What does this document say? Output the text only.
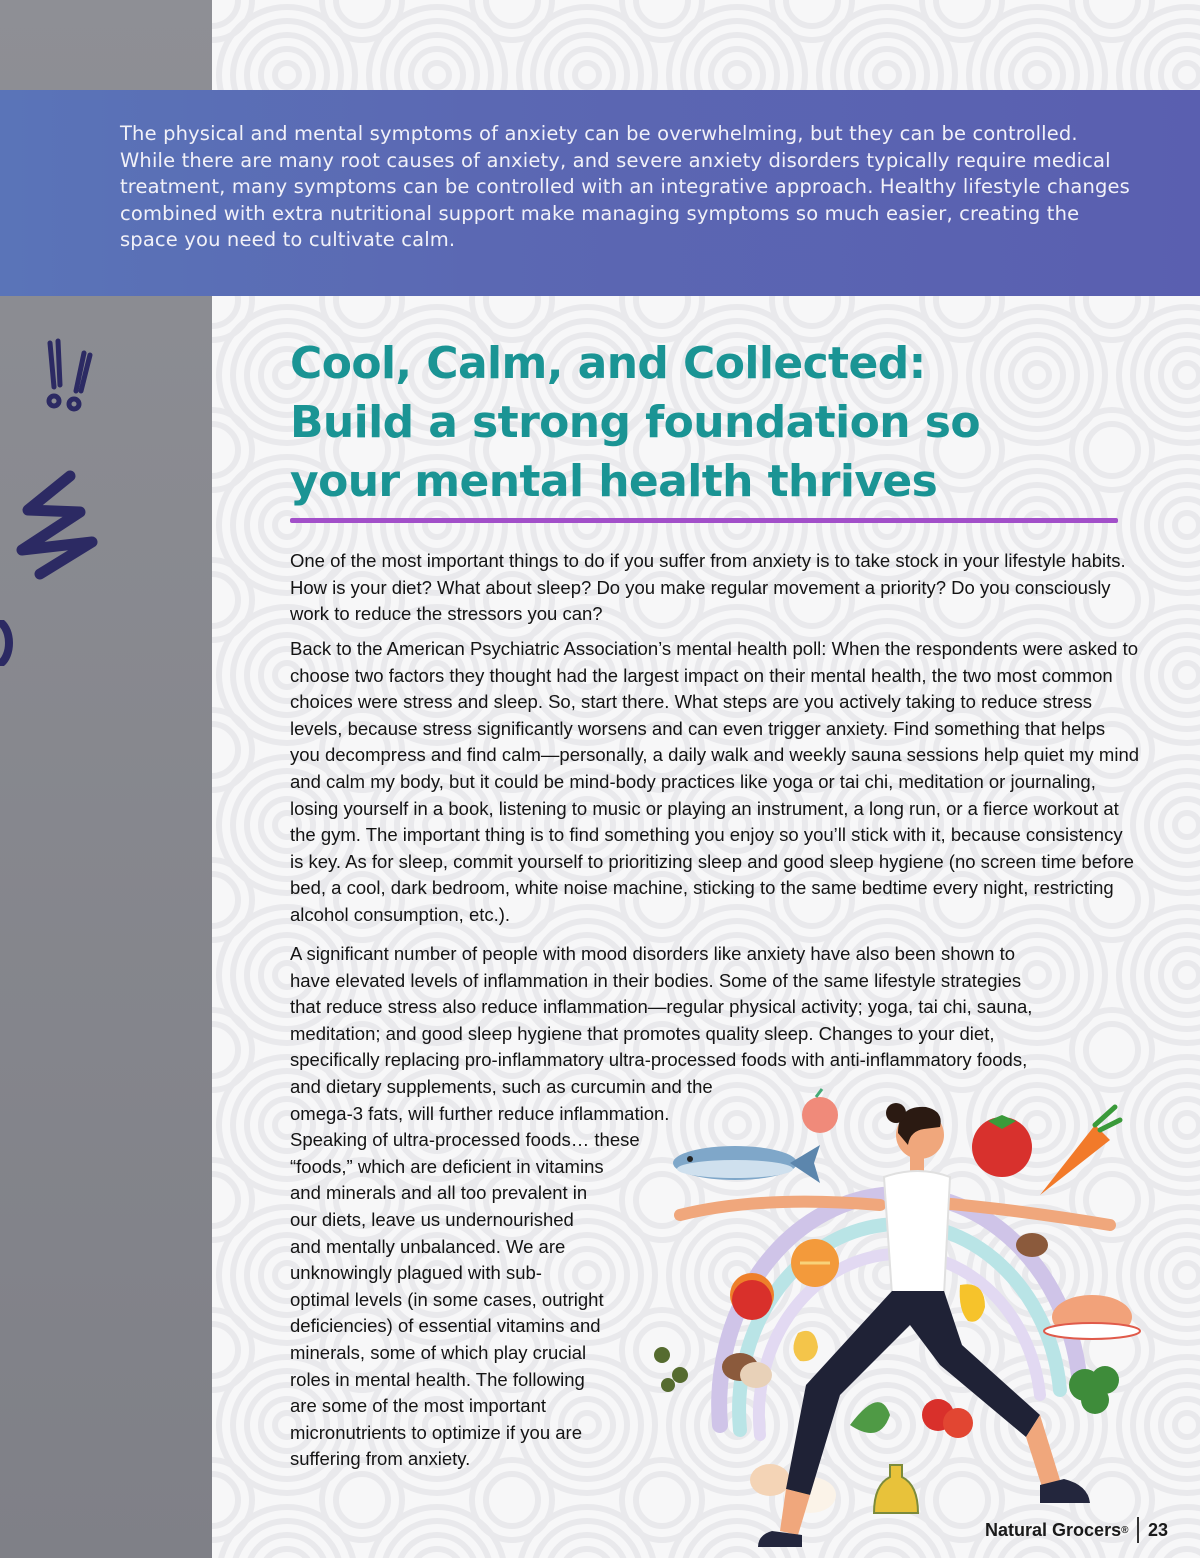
The physical and mental symptoms of anxiety can be overwhelming, but they can be controlled. While there are many root causes of anxiety, and severe anxiety disorders typically require medical treatment, many symptoms can be controlled with an integrative approach. Healthy lifestyle changes combined with extra nutritional support make managing symptoms so much easier, creating the space you need to cultivate calm.

Cool, Calm, and Collected:
Build a strong foundation so
your mental health thrives

One of the most important things to do if you suffer from anxiety is to take stock in your lifestyle habits. How is your diet? What about sleep? Do you make regular movement a priority? Do you consciously work to reduce the stressors you can?

Back to the American Psychiatric Association’s mental health poll: When the respondents were asked to choose two factors they thought had the largest impact on their mental health, the two most common choices were stress and sleep. So, start there. What steps are you actively taking to reduce stress levels, because stress significantly worsens and can even trigger anxiety. Find something that helps you decompress and find calm—personally, a daily walk and weekly sauna sessions help quiet my mind and calm my body, but it could be mind-body practices like yoga or tai chi, meditation or journaling, losing yourself in a book, listening to music or playing an instrument, a long run, or a fierce workout at the gym. The important thing is to find something you enjoy so you’ll stick with it, because consistency is key. As for sleep, commit yourself to prioritizing sleep and good sleep hygiene (no screen time before bed, a cool, dark bedroom, white noise machine, sticking to the same bedtime every night, restricting alcohol consumption, etc.).

A significant number of people with mood disorders like anxiety have also been shown to
have elevated levels of inflammation in their bodies. Some of the same lifestyle strategies
that reduce stress also reduce inflammation—regular physical activity; yoga, tai chi, sauna,
meditation; and good sleep hygiene that promotes quality sleep. Changes to your diet,
specifically replacing pro-inflammatory ultra-processed foods with anti-inflammatory foods,
and dietary supplements, such as curcumin and the
omega-3 fats, will further reduce inflammation.
Speaking of ultra-processed foods… these
“foods,” which are deficient in vitamins
and minerals and all too prevalent in
our diets, leave us undernourished
and mentally unbalanced. We are
unknowingly plagued with sub-
optimal levels (in some cases, outright
deficiencies) of essential vitamins and
minerals, some of which play crucial
roles in mental health. The following
are some of the most important
micronutrients to optimize if you are
suffering from anxiety.

Natural Grocers ® 23
